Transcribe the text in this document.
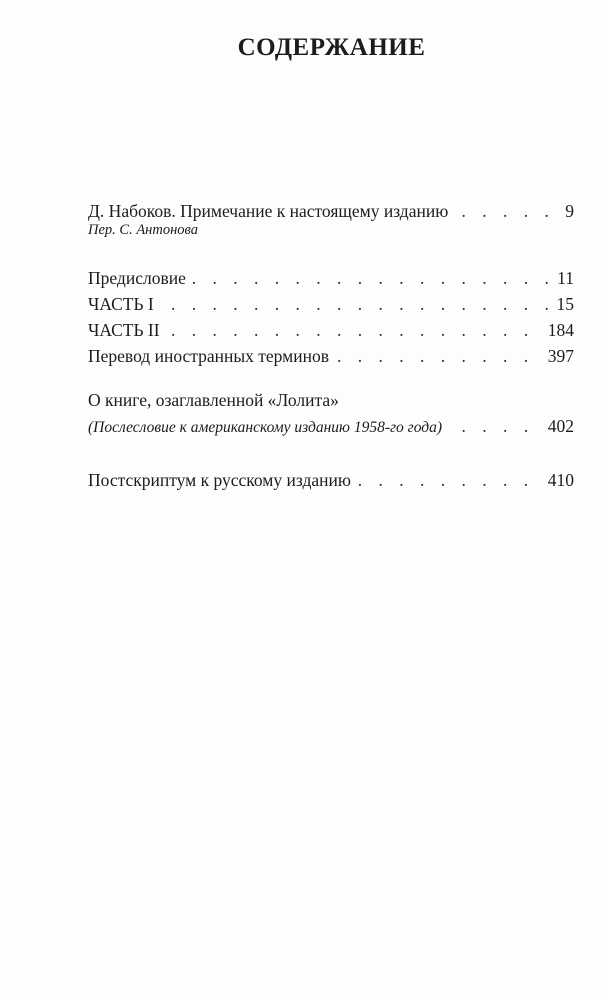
СОДЕРЖАНИЕ
. . .
Д. Набоков. Примечание к настоящему изданию	9
Пер. С. Антонова
. . .
Предисловие	11
. . .
ЧАСТЬ I	15
. . .
ЧАСТЬ II	184
. . .
Перевод иностранных терминов	397
О книге, озаглавленной «Лолита»
. . .
(Послесловие к американскому изданию 1958-го года)	402
. . .
Постскриптум к русскому изданию	410
